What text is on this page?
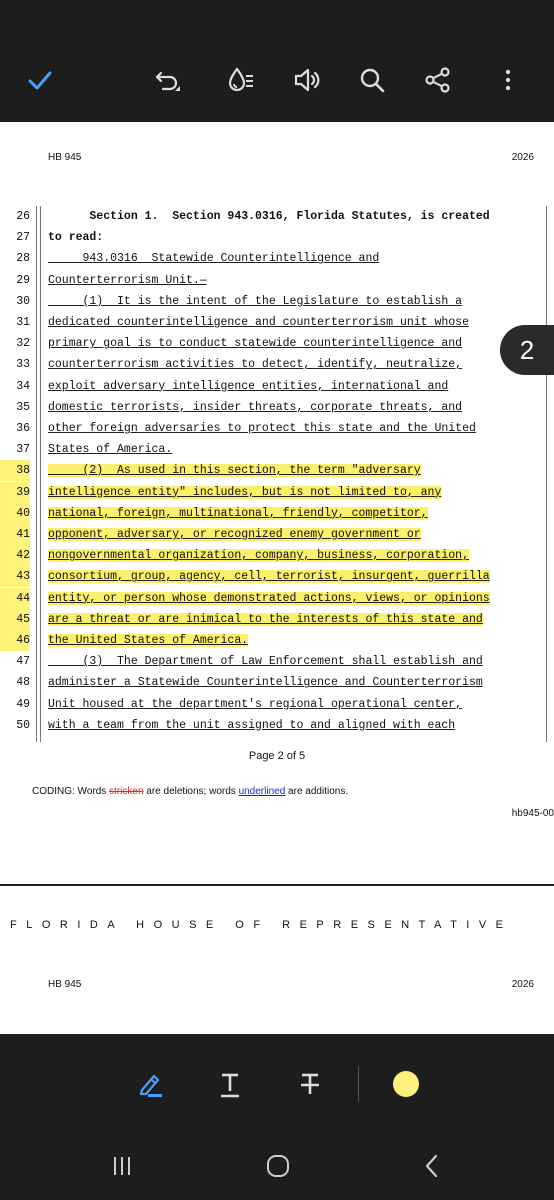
HB 945	2026
26 Section 1.  Section 943.0316, Florida Statutes, is created
27 to read:
28 943.0316  Statewide Counterintelligence and
29 Counterterrorism Unit.—
30 (1)  It is the intent of the Legislature to establish a
31 dedicated counterintelligence and counterterrorism unit whose
32 primary goal is to conduct statewide counterintelligence and
33 counterterrorism activities to detect, identify, neutralize,
34 exploit adversary intelligence entities, international and
35 domestic terrorists, insider threats, corporate threats, and
36 other foreign adversaries to protect this state and the United
37 States of America.
38 (2)  As used in this section, the term "adversary
39 intelligence entity" includes, but is not limited to, any
40 national, foreign, multinational, friendly, competitor,
41 opponent, adversary, or recognized enemy government or
42 nongovernmental organization, company, business, corporation,
43 consortium, group, agency, cell, terrorist, insurgent, guerrilla
44 entity, or person whose demonstrated actions, views, or opinions
45 are a threat or are inimical to the interests of this state and
46 the United States of America.
47 (3)  The Department of Law Enforcement shall establish and
48 administer a Statewide Counterintelligence and Counterterrorism
49 Unit housed at the department's regional operational center,
50 with a team from the unit assigned to and aligned with each
Page 2 of 5
CODING: Words stricken are deletions; words underlined are additions.
hb945-00
FLORIDA HOUSE OF REPRESENTATIVE
HB 945	2026
2
